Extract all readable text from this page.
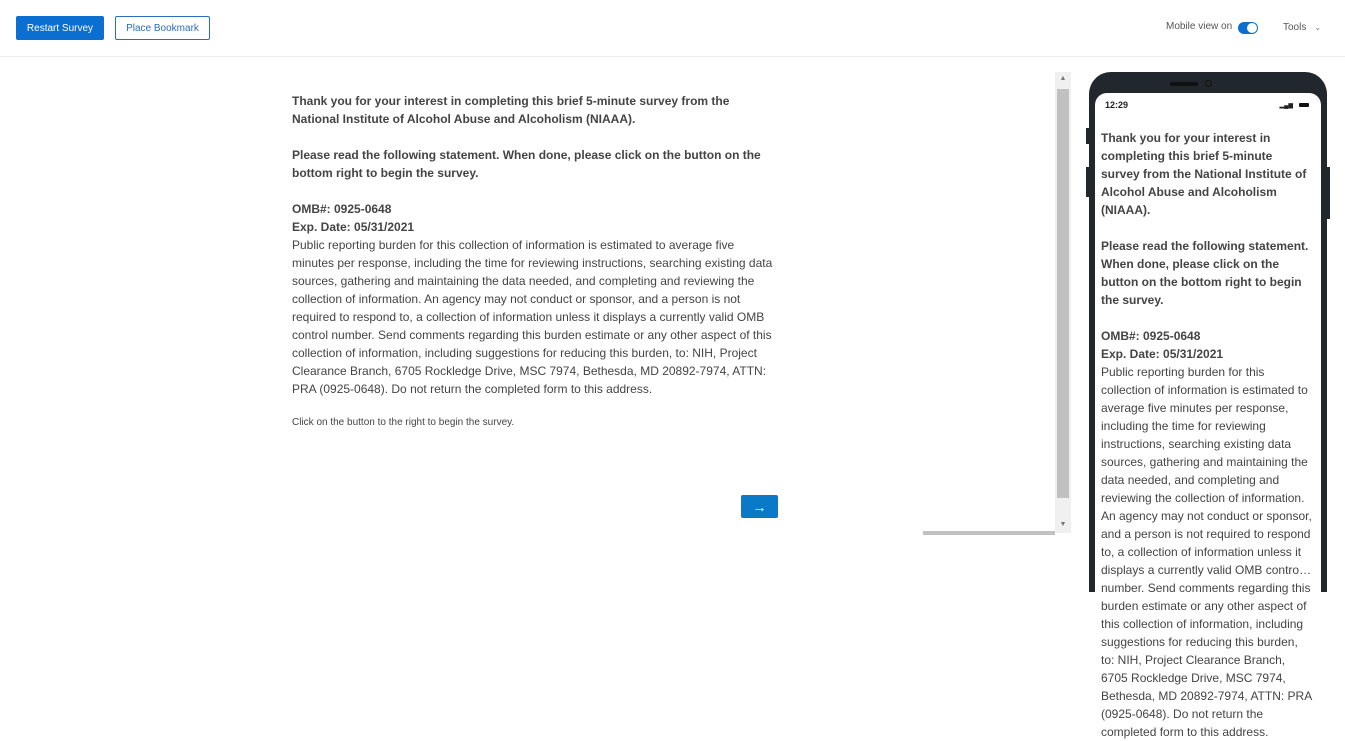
Restart Survey	Place Bookmark	Mobile view on	Tools ⌄

Thank you for your interest in completing this brief 5-minute survey from the National Institute of Alcohol Abuse and Alcoholism (NIAAA).

Please read the following statement. When done, please click on the button on the bottom right to begin the survey.

OMB#: 0925-0648
Exp. Date: 05/31/2021

Public reporting burden for this collection of information is estimated to average five minutes per response, including the time for reviewing instructions, searching existing data sources, gathering and maintaining the data needed, and completing and reviewing the collection of information. An agency may not conduct or sponsor, and a person is not required to respond to, a collection of information unless it displays a currently valid OMB control number. Send comments regarding this burden estimate or any other aspect of this collection of information, including suggestions for reducing this burden, to: NIH, Project Clearance Branch, 6705 Rockledge Drive, MSC 7974, Bethesda, MD 20892-7974, ATTN: PRA (0925-0648). Do not return the completed form to this address.

Click on the button to the right to begin the survey.

→
▲
▼
12:29	▂▄▆

Thank you for your interest in completing this brief 5-minute survey from the National Institute of Alcohol Abuse and Alcoholism (NIAAA).

Please read the following statement. When done, please click on the button on the bottom right to begin the survey.

OMB#: 0925-0648
Exp. Date: 05/31/2021

Public reporting burden for this collection of information is estimated to average five minutes per response, including the time for reviewing instructions, searching existing data sources, gathering and maintaining the data needed, and completing and reviewing the collection of information. An agency may not conduct or sponsor, and a person is not required to respond to, a collection of information unless it displays a currently valid OMB control number. Send comments regarding this burden estimate or any other aspect of this collection of information, including suggestions for reducing this burden, to: NIH, Project Clearance Branch, 6705 Rockledge Drive, MSC 7974, Bethesda, MD 20892-7974, ATTN: PRA (0925-0648). Do not return the completed form to this address.
